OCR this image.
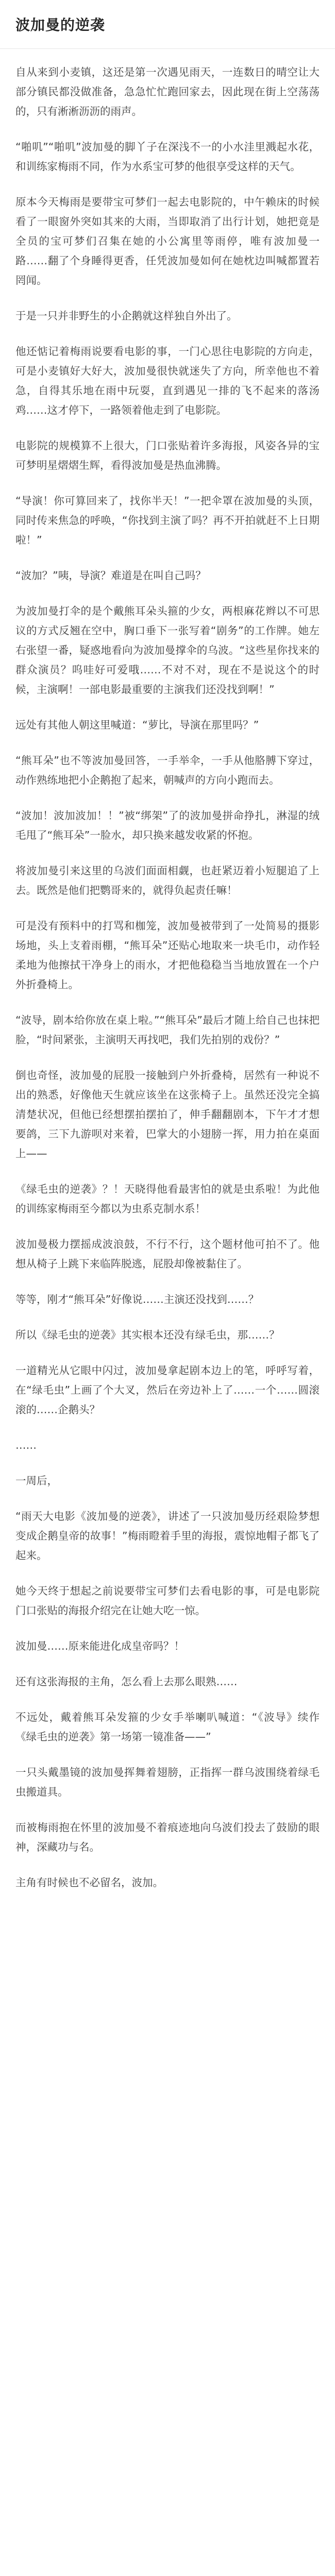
波加曼的逆袭

自从来到小麦镇，这还是第一次遇见雨天，一连数日的晴空让大部分镇民都没做准备，急急忙忙跑回家去，因此现在街上空荡荡的，只有淅淅沥沥的雨声。

“啪叽”“啪叽”波加曼的脚丫子在深浅不一的小水洼里溅起水花，和训练家梅雨不同，作为水系宝可梦的他很享受这样的天气。

原本今天梅雨是要带宝可梦们一起去电影院的，中午赖床的时候看了一眼窗外突如其来的大雨，当即取消了出行计划，她把竟是全员的宝可梦们召集在她的小公寓里等雨停，唯有波加曼一路……翻了个身睡得更香，任凭波加曼如何在她枕边叫喊都置若罔闻。

于是一只并非野生的小企鹅就这样独自外出了。

他还惦记着梅雨说要看电影的事，一门心思往电影院的方向走，可是小麦镇好大好大，波加曼很快就迷失了方向，所幸他也不着急，自得其乐地在雨中玩耍，直到遇见一排的飞不起来的落汤鸡……这才停下，一路领着他走到了电影院。

电影院的规模算不上很大，门口张贴着许多海报，风姿各异的宝可梦明星熠熠生辉，看得波加曼是热血沸腾。

“导演！你可算回来了，找你半天！”一把伞罩在波加曼的头顶，同时传来焦急的呼唤，“你找到主演了吗？再不开拍就赶不上日期啦！”

“波加？”咦，导演？难道是在叫自己吗？

为波加曼打伞的是个戴熊耳朵头箍的少女，两根麻花辫以不可思议的方式反翘在空中，胸口垂下一张写着“剧务”的工作牌。她左右张望一番，疑惑地看向为波加曼撑伞的乌波。“这些星你找来的群众演员？呜哇好可爱哦……不对不对，现在不是说这个的时候，主演啊！一部电影最重要的主演我们还没找到啊！”

远处有其他人朝这里喊道：“萝比，导演在那里吗？”

“熊耳朵”也不等波加曼回答，一手举伞，一手从他胳膊下穿过，动作熟练地把小企鹅抱了起来，朝喊声的方向小跑而去。

“波加！波加波加！！”被“绑架”了的波加曼拼命挣扎，淋湿的绒毛甩了“熊耳朵”一脸水，却只换来越发收紧的怀抱。

将波加曼引来这里的乌波们面面相觑，也赶紧迈着小短腿追了上去。既然是他们把鹦哥来的，就得负起责任嘛！

可是没有预料中的打骂和枷笼，波加曼被带到了一处简易的摄影场地，头上支着雨棚，“熊耳朵”还贴心地取来一块毛巾，动作轻柔地为他擦拭干净身上的雨水，才把他稳稳当当地放置在一个户外折叠椅上。

“波导，剧本给你放在桌上啦。”“熊耳朵”最后才随上给自己也抹把脸，“时间紧张，主演明天再找吧，我们先拍别的戏份？”

倒也奇怪，波加曼的屁股一接触到户外折叠椅，居然有一种说不出的熟悉，好像他天生就应该坐在这张椅子上。虽然还没完全搞清楚状况，但他已经想摆拍摆拍了，伸手翻翻剧本，下午才才想要鸽，三下九游呗对来着，巴掌大的小翅膀一挥，用力拍在桌面上——

《绿毛虫的逆袭》？！天晓得他看最害怕的就是虫系啦！为此他的训练家梅雨至今都以为虫系克制水系！

波加曼极力摆摇成波浪鼓，不行不行，这个题材他可拍不了。他想从椅子上跳下来临阵脱逃，屁股却像被黏住了。

等等，刚才“熊耳朵”好像说……主演还没找到……？

所以《绿毛虫的逆袭》其实根本还没有绿毛虫，那……？

一道精光从它眼中闪过，波加曼拿起剧本边上的笔，呼呼写着，在“绿毛虫”上画了个大叉，然后在旁边补上了……一个……圆滚滚的……企鹅头？

……

一周后，

“雨天大电影《波加曼的逆袭》，讲述了一只波加曼历经艰险梦想变成企鹅皇帝的故事！”梅雨瞪着手里的海报，震惊地帽子都飞了起来。

她今天终于想起之前说要带宝可梦们去看电影的事，可是电影院门口张贴的海报介绍完在让她大吃一惊。

波加曼……原来能进化成皇帝吗？！

还有这张海报的主角，怎么看上去那么眼熟……

不远处，戴着熊耳朵发箍的少女手举喇叭喊道：“《波导》续作《绿毛虫的逆袭》第一场第一镜准备——”

一只头戴墨镜的波加曼挥舞着翅膀，正指挥一群乌波围绕着绿毛虫搬道具。

而被梅雨抱在怀里的波加曼不着痕迹地向乌波们投去了鼓励的眼神，深藏功与名。

主角有时候也不必留名，波加。
